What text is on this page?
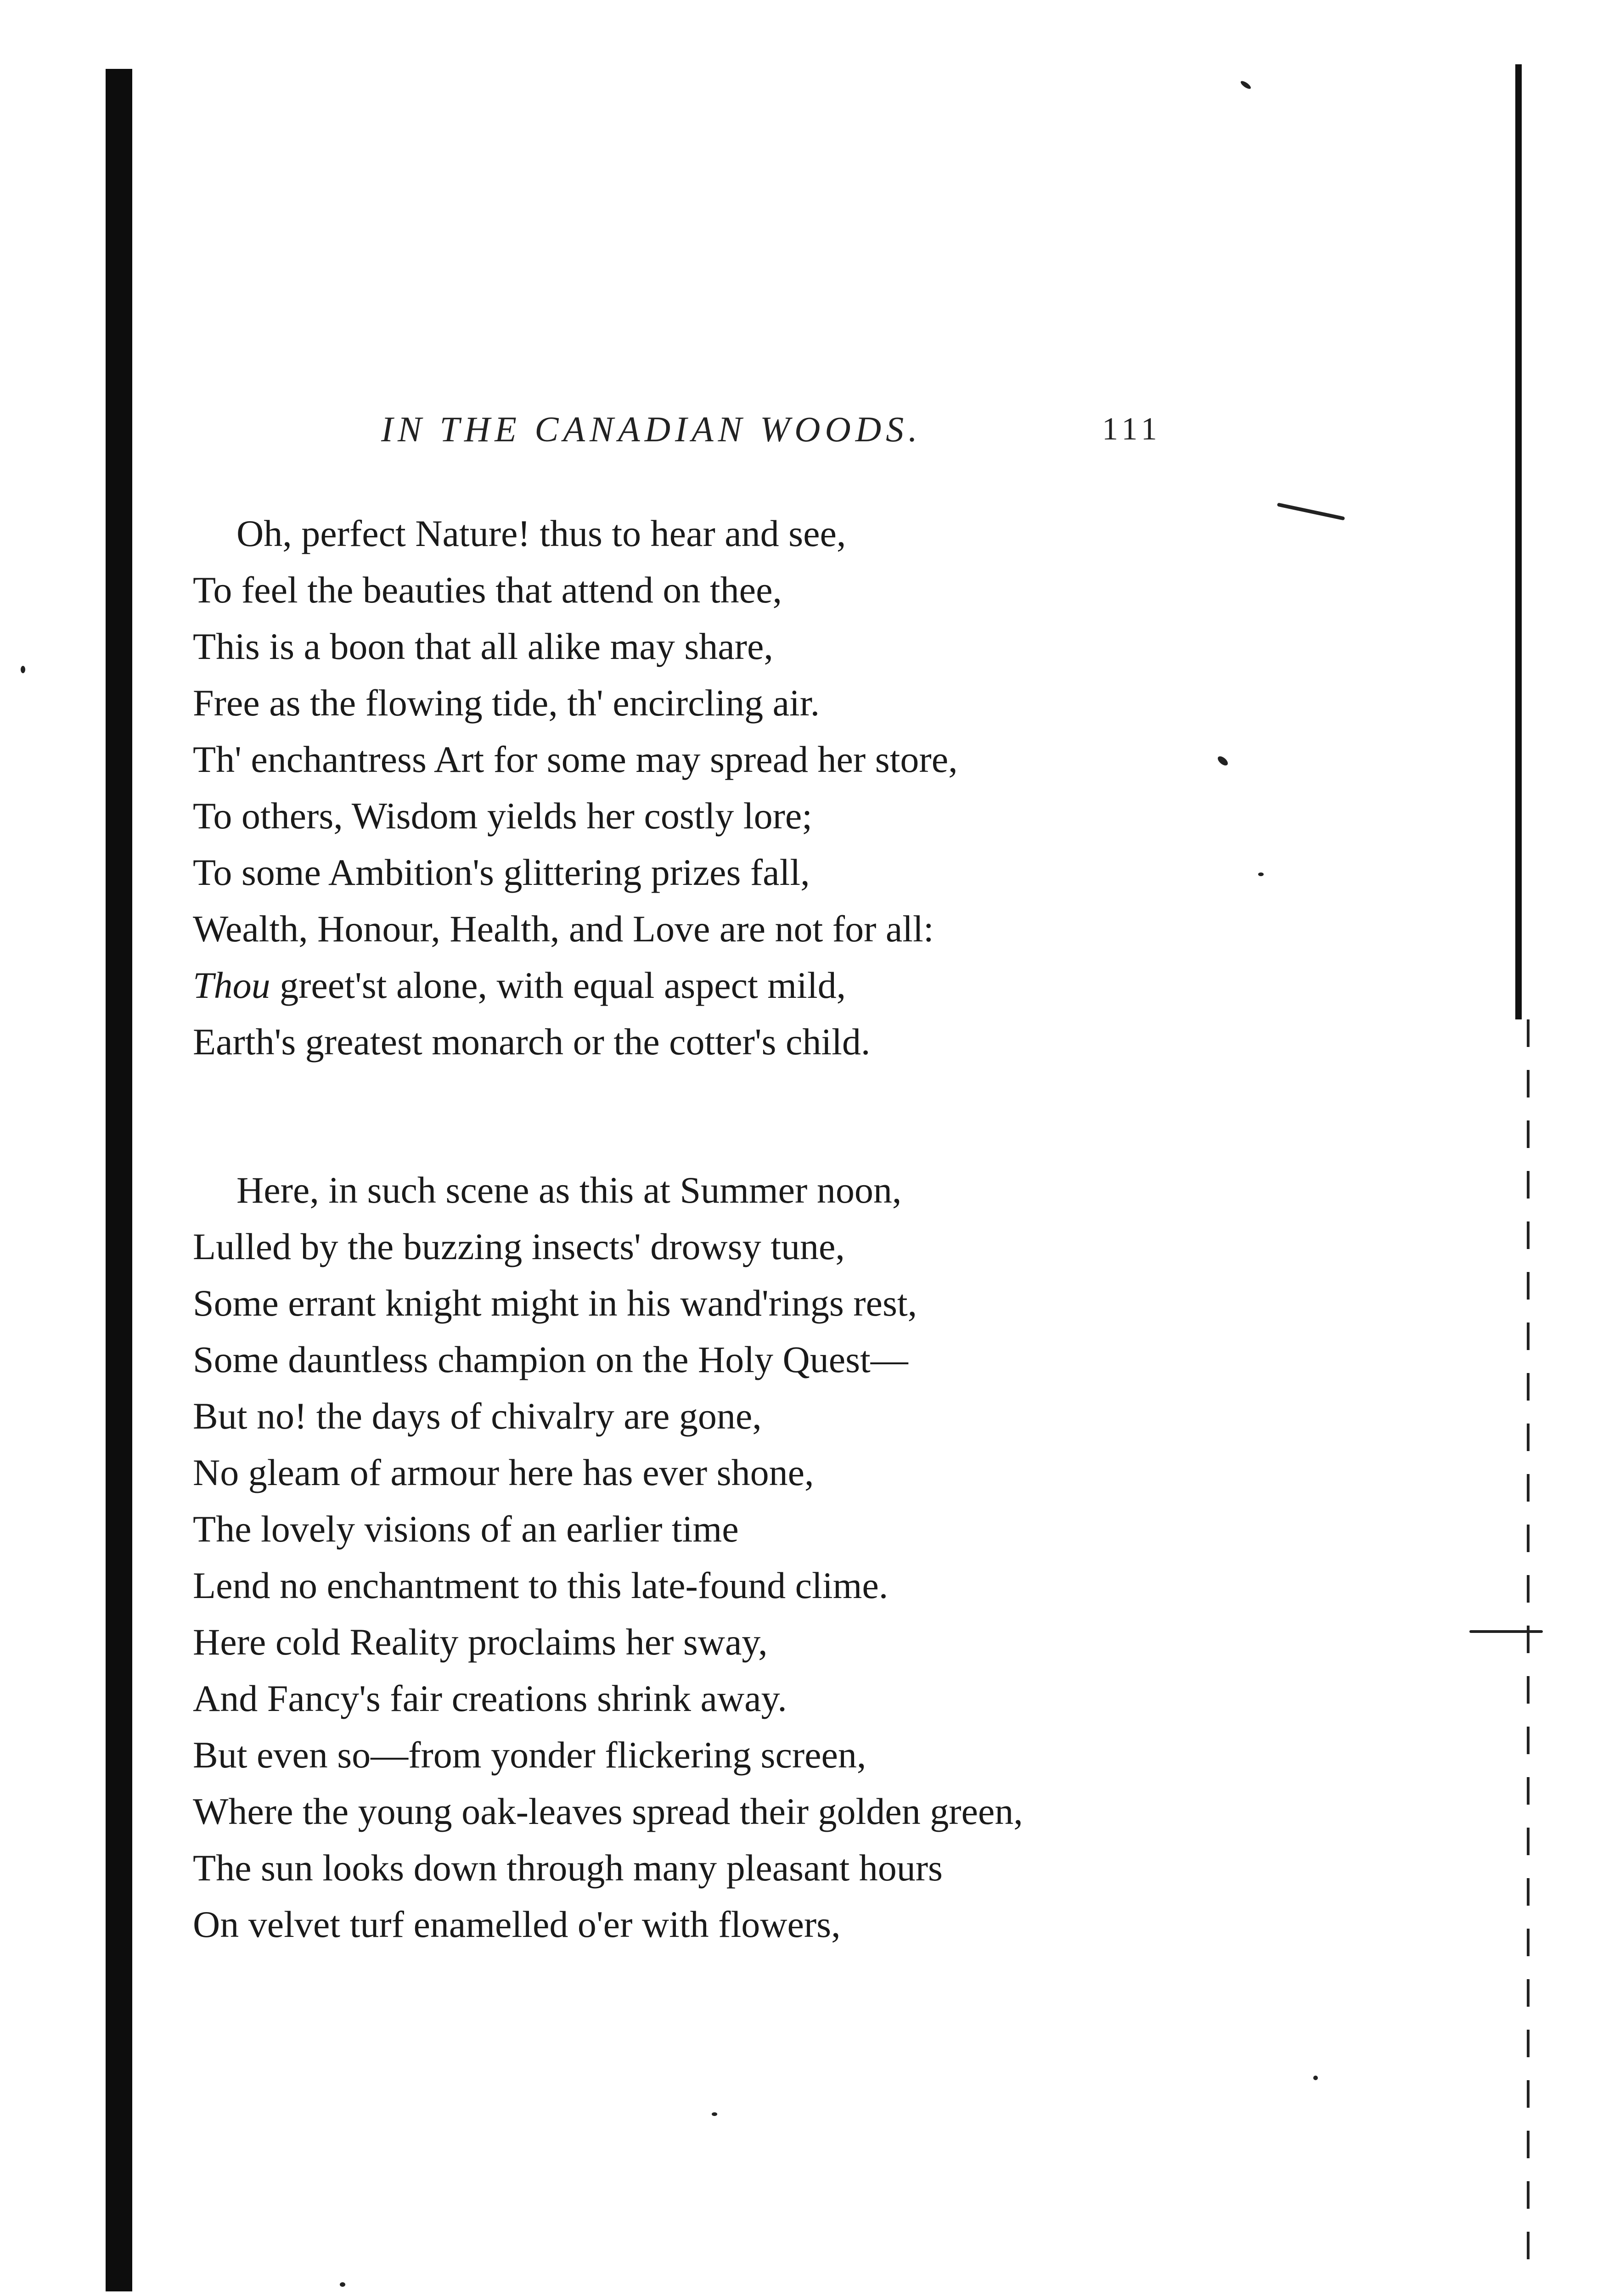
IN THE CANADIAN WOODS.	111
Oh, perfect Nature! thus to hear and see,
To feel the beauties that attend on thee,
This is a boon that all alike may share,
Free as the flowing tide, th' encircling air.
Th' enchantress Art for some may spread her store,
To others, Wisdom yields her costly lore;
To some Ambition's glittering prizes fall,
Wealth, Honour, Health, and Love are not for all:
Thou greet'st alone, with equal aspect mild,
Earth's greatest monarch or the cotter's child.
Here, in such scene as this at Summer noon,
Lulled by the buzzing insects' drowsy tune,
Some errant knight might in his wand'rings rest,
Some dauntless champion on the Holy Quest—
But no! the days of chivalry are gone,
No gleam of armour here has ever shone,
The lovely visions of an earlier time
Lend no enchantment to this late-found clime.
Here cold Reality proclaims her sway,
And Fancy's fair creations shrink away.
But even so—from yonder flickering screen,
Where the young oak-leaves spread their golden green,
The sun looks down through many pleasant hours
On velvet turf enamelled o'er with flowers,
